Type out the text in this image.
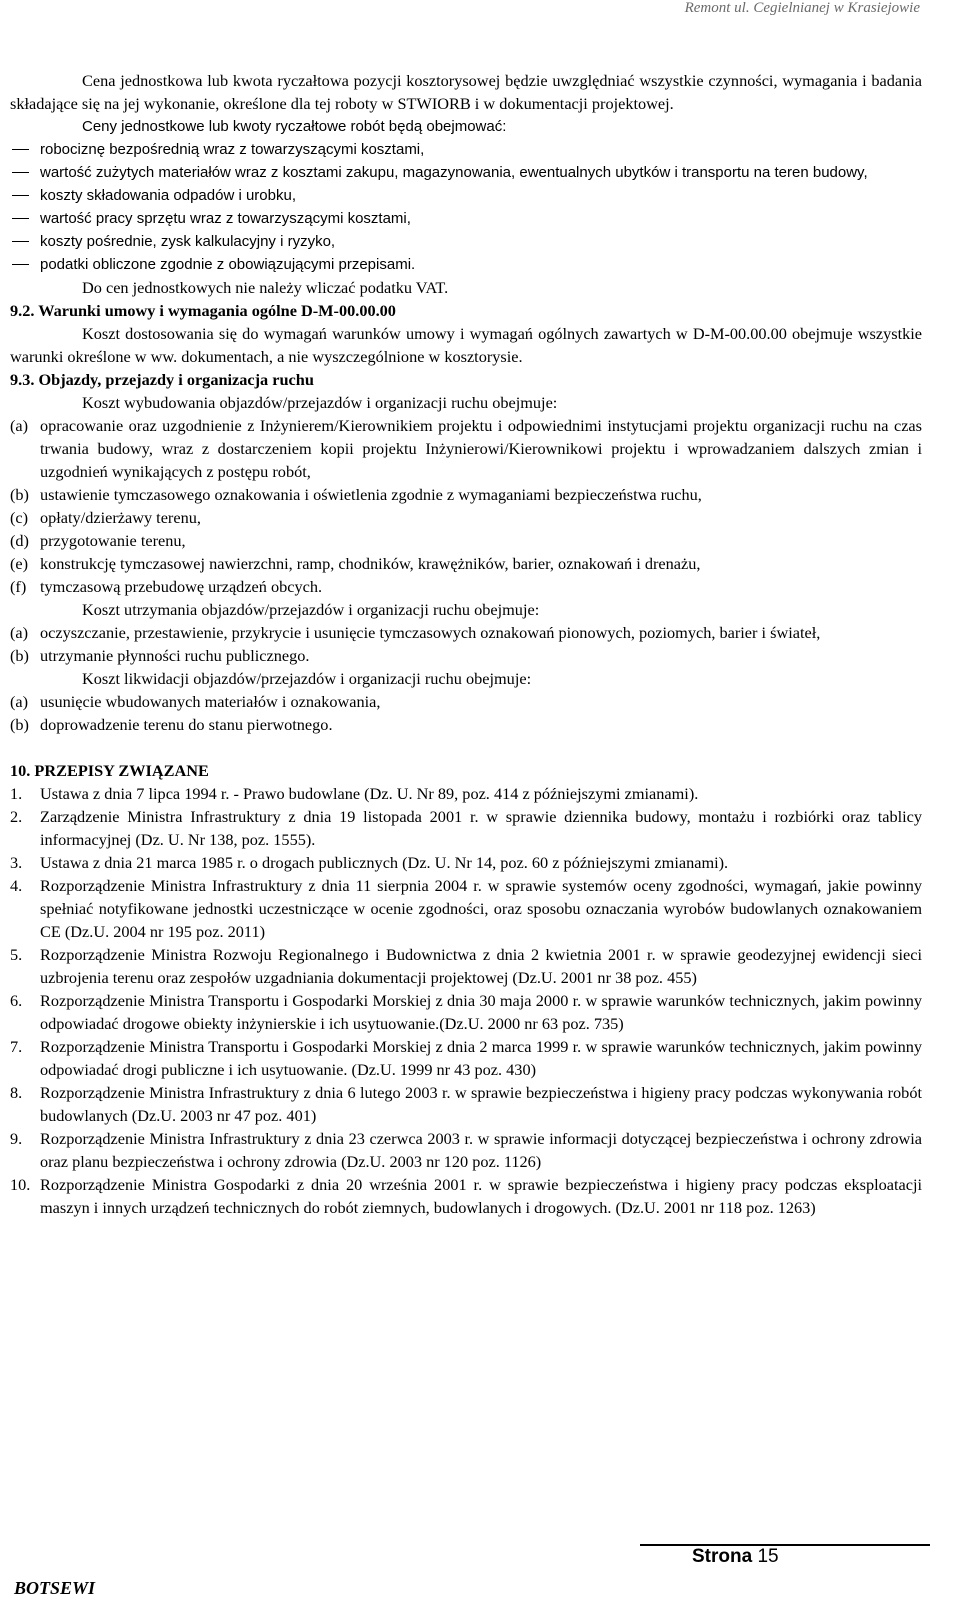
Remont ul. Cegielnianej w Krasiejowie

Cena jednostkowa lub kwota ryczałtowa pozycji kosztorysowej będzie uwzględniać wszystkie czynności, wymagania i badania składające się na jej wykonanie, określone dla tej roboty w STWIORB i w dokumentacji projektowej.

Ceny jednostkowe lub kwoty ryczałtowe robót będą obejmować:

robociznę bezpośrednią wraz z towarzyszącymi kosztami,

wartość zużytych materiałów wraz z kosztami zakupu, magazynowania, ewentualnych ubytków i transportu na teren budowy,

koszty składowania odpadów i urobku,

wartość pracy sprzętu wraz z towarzyszącymi kosztami,

koszty pośrednie, zysk kalkulacyjny i ryzyko,

podatki obliczone zgodnie z obowiązującymi przepisami.

Do cen jednostkowych nie należy wliczać podatku VAT.

9.2. Warunki umowy i wymagania ogólne D-M-00.00.00

Koszt dostosowania się do wymagań warunków umowy i wymagań ogólnych zawartych w D-M-00.00.00 obejmuje wszystkie warunki określone w ww. dokumentach, a nie wyszczególnione w kosztorysie.

9.3. Objazdy, przejazdy i organizacja ruchu

Koszt wybudowania objazdów/przejazdów i organizacji ruchu obejmuje:

(a) opracowanie oraz uzgodnienie z Inżynierem/Kierownikiem projektu i odpowiednimi instytucjami projektu organizacji ruchu na czas trwania budowy, wraz z dostarczeniem kopii projektu Inżynierowi/Kierownikowi projektu i wprowadzaniem dalszych zmian i uzgodnień wynikających z postępu robót,

(b) ustawienie tymczasowego oznakowania i oświetlenia zgodnie z wymaganiami bezpieczeństwa ruchu,

(c) opłaty/dzierżawy terenu,

(d) przygotowanie terenu,

(e) konstrukcję tymczasowej nawierzchni, ramp, chodników, krawężników, barier, oznakowań i drenażu,

(f) tymczasową przebudowę urządzeń obcych.

Koszt utrzymania objazdów/przejazdów i organizacji ruchu obejmuje:

(a) oczyszczanie, przestawienie, przykrycie i usunięcie tymczasowych oznakowań pionowych, poziomych, barier i świateł,

(b) utrzymanie płynności ruchu publicznego.

Koszt likwidacji objazdów/przejazdów i organizacji ruchu obejmuje:

(a) usunięcie wbudowanych materiałów i oznakowania,

(b) doprowadzenie terenu do stanu pierwotnego.

10. PRZEPISY ZWIĄZANE

1. Ustawa z dnia 7 lipca 1994 r. - Prawo budowlane (Dz. U. Nr 89, poz. 414 z późniejszymi zmianami).

2. Zarządzenie Ministra Infrastruktury z dnia 19 listopada 2001 r. w sprawie dziennika budowy, montażu i rozbiórki oraz tablicy informacyjnej (Dz. U. Nr 138, poz. 1555).

3. Ustawa z dnia 21 marca 1985 r. o drogach publicznych (Dz. U. Nr 14, poz. 60 z późniejszymi zmianami).

4. Rozporządzenie Ministra Infrastruktury z dnia 11 sierpnia 2004 r. w sprawie systemów oceny zgodności, wymagań, jakie powinny spełniać notyfikowane jednostki uczestniczące w ocenie zgodności, oraz sposobu oznaczania wyrobów budowlanych oznakowaniem CE (Dz.U. 2004 nr 195 poz. 2011)

5. Rozporządzenie Ministra Rozwoju Regionalnego i Budownictwa z dnia 2 kwietnia 2001 r. w sprawie geodezyjnej ewidencji sieci uzbrojenia terenu oraz zespołów uzgadniania dokumentacji projektowej (Dz.U. 2001 nr 38 poz. 455)

6. Rozporządzenie Ministra Transportu i Gospodarki Morskiej z dnia 30 maja 2000 r. w sprawie warunków technicznych, jakim powinny odpowiadać drogowe obiekty inżynierskie i ich usytuowanie.(Dz.U. 2000 nr 63 poz. 735)

7. Rozporządzenie Ministra Transportu i Gospodarki Morskiej z dnia 2 marca 1999 r. w sprawie warunków technicznych, jakim powinny odpowiadać drogi publiczne i ich usytuowanie. (Dz.U. 1999 nr 43 poz. 430)

8. Rozporządzenie Ministra Infrastruktury z dnia 6 lutego 2003 r. w sprawie bezpieczeństwa i higieny pracy podczas wykonywania robót budowlanych (Dz.U. 2003 nr 47 poz. 401)

9. Rozporządzenie Ministra Infrastruktury z dnia 23 czerwca 2003 r. w sprawie informacji dotyczącej bezpieczeństwa i ochrony zdrowia oraz planu bezpieczeństwa i ochrony zdrowia (Dz.U. 2003 nr 120 poz. 1126)

10. Rozporządzenie Ministra Gospodarki z dnia 20 września 2001 r. w sprawie bezpieczeństwa i higieny pracy podczas eksploatacji maszyn i innych urządzeń technicznych do robót ziemnych, budowlanych i drogowych. (Dz.U. 2001 nr 118 poz. 1263)

Strona 15
BOTSEWI
